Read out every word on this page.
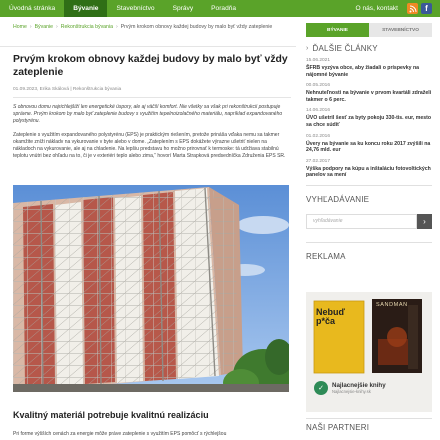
Úvodná stránka	Bývanie	Stavebníctvo	Správy	Poradňa	O nás, kontakt	f
Home › Bývanie › Rekonštrukcia bývania › Prvým krokom obnovy každej budovy by malo byť vždy zateplenie
Prvým krokom obnovy každej budovy by malo byť vždy zateplenie
01.09.2023, Erika Skálová | Rekonštrukcia bývania

S obnovou domu najrichlejšiží len energetické úspory, ale aj väčší komfort. Nie všetky sa však pri rekonštrukcii postupuje správne. Prvým krokom by malo byť zateplenie budovy s využitím tepelnoizolačného materiálu, napríklad expandovaného polystyrénu.

Zateplenie s využitím expandovaného polystyrénu (EPS) je praktickým riešením, pretože prináša vďaka nemu sa takmer okamžite zníži nákladv na vykurovanie v byte alebo v dome. „Zateplením s EPS dokážete výrazne ušetriť nielen na nákladoch na vykurovanie, ale aj na chladenie. Na lepšiu predstavu ho možno prirovnať k termoske: tá udržiava stabilnú teplotu vnútri bez ohľadu na to, či je v exteriéri teplo alebo zima,“ hovorí Marta Strapková predsedníčka Združenia EPS SR.

Kvalitný materiál potrebuje kvalitnú realizáciu

Pri forme výšších cenách za energie môže práve zateplenie s využitím EPS pomôcť s rýchlejšou

BÝVANIE	STAVEBNÍCTVO
› ĎALŠIE ČLÁNKY
15.06.2021
ŠFRB vyzýva obce, aby žiadali o príspevky na nájomné bývanie
00.05.2016
Nehnuteľnosti na bývanie v prvom kvartáli zdraželi takmer o 6 perc.
14.06.2016
ÚVO ušetril šesť za byty pokoju 330-tis. eur, mesto sa chce súdiť
01.02.2016
Úvery na bývanie sa ku koncu roku 2017 zvýšili na 24,76 mld. eur
27.02.2017
Výška podpory na kúpu a inštaláciu fotovoltických panelov sa mení
VYHĽADÁVANIE
vyhľadávanie	›
REKLAMA
Nebuď p*ča
SANDMAN
✓	Najlacnejšie knihy
Najlacnejsie-knihy.sk
NAŠI PARTNERI
